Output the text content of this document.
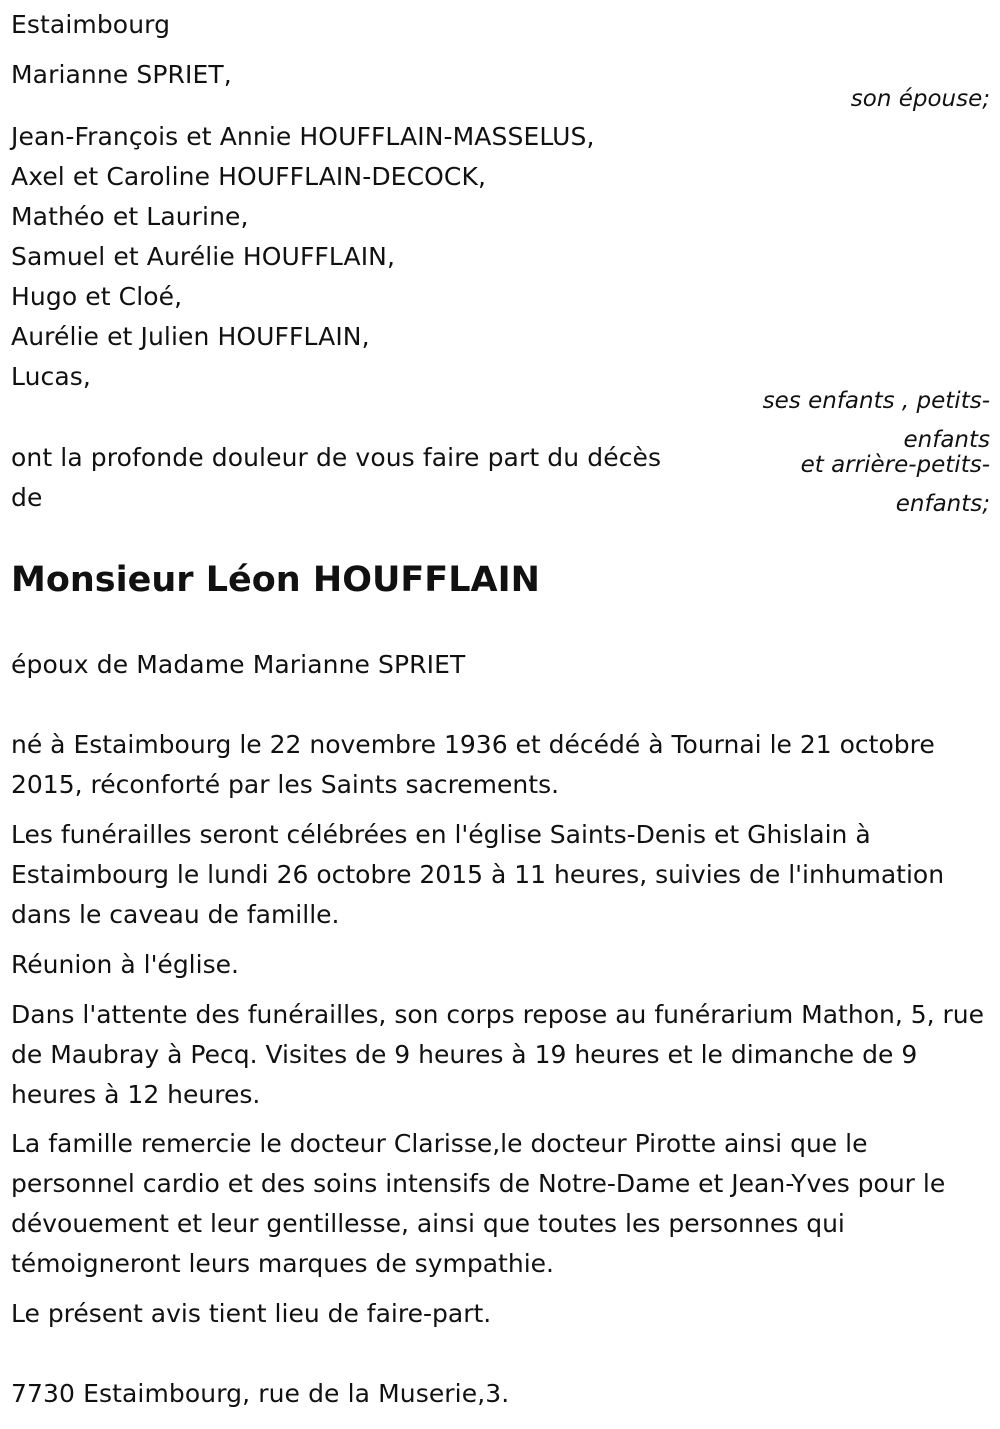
Estaimbourg
Marianne SPRIET,
son épouse;
Jean-François et Annie HOUFFLAIN-MASSELUS,
Axel et Caroline HOUFFLAIN-DECOCK,
Mathéo et Laurine,
Samuel et Aurélie HOUFFLAIN,
Hugo et Cloé,
Aurélie et Julien HOUFFLAIN,
Lucas,
ses enfants , petits-
enfants
et arrière-petits-
enfants;
ont la profonde douleur de vous faire part du décès
de
Monsieur Léon HOUFFLAIN
époux de Madame Marianne SPRIET
né à Estaimbourg le 22 novembre 1936 et décédé à Tournai le 21 octobre 2015, réconforté par les Saints sacrements.
Les funérailles seront célébrées en l'église Saints-Denis et Ghislain à Estaimbourg le lundi 26 octobre 2015 à 11 heures, suivies de l'inhumation dans le caveau de famille.
Réunion à l'église.
Dans l'attente des funérailles, son corps repose au funérarium Mathon, 5, rue de Maubray à Pecq. Visites de 9 heures à 19 heures et le dimanche de 9 heures à 12 heures.
La famille remercie le docteur Clarisse,le docteur Pirotte ainsi que le personnel cardio et des soins intensifs de Notre-Dame et Jean-Yves pour le dévouement et leur gentillesse, ainsi que toutes les personnes qui témoigneront leurs marques de sympathie.
Le présent avis tient lieu de faire-part.
7730 Estaimbourg, rue de la Muserie,3.
